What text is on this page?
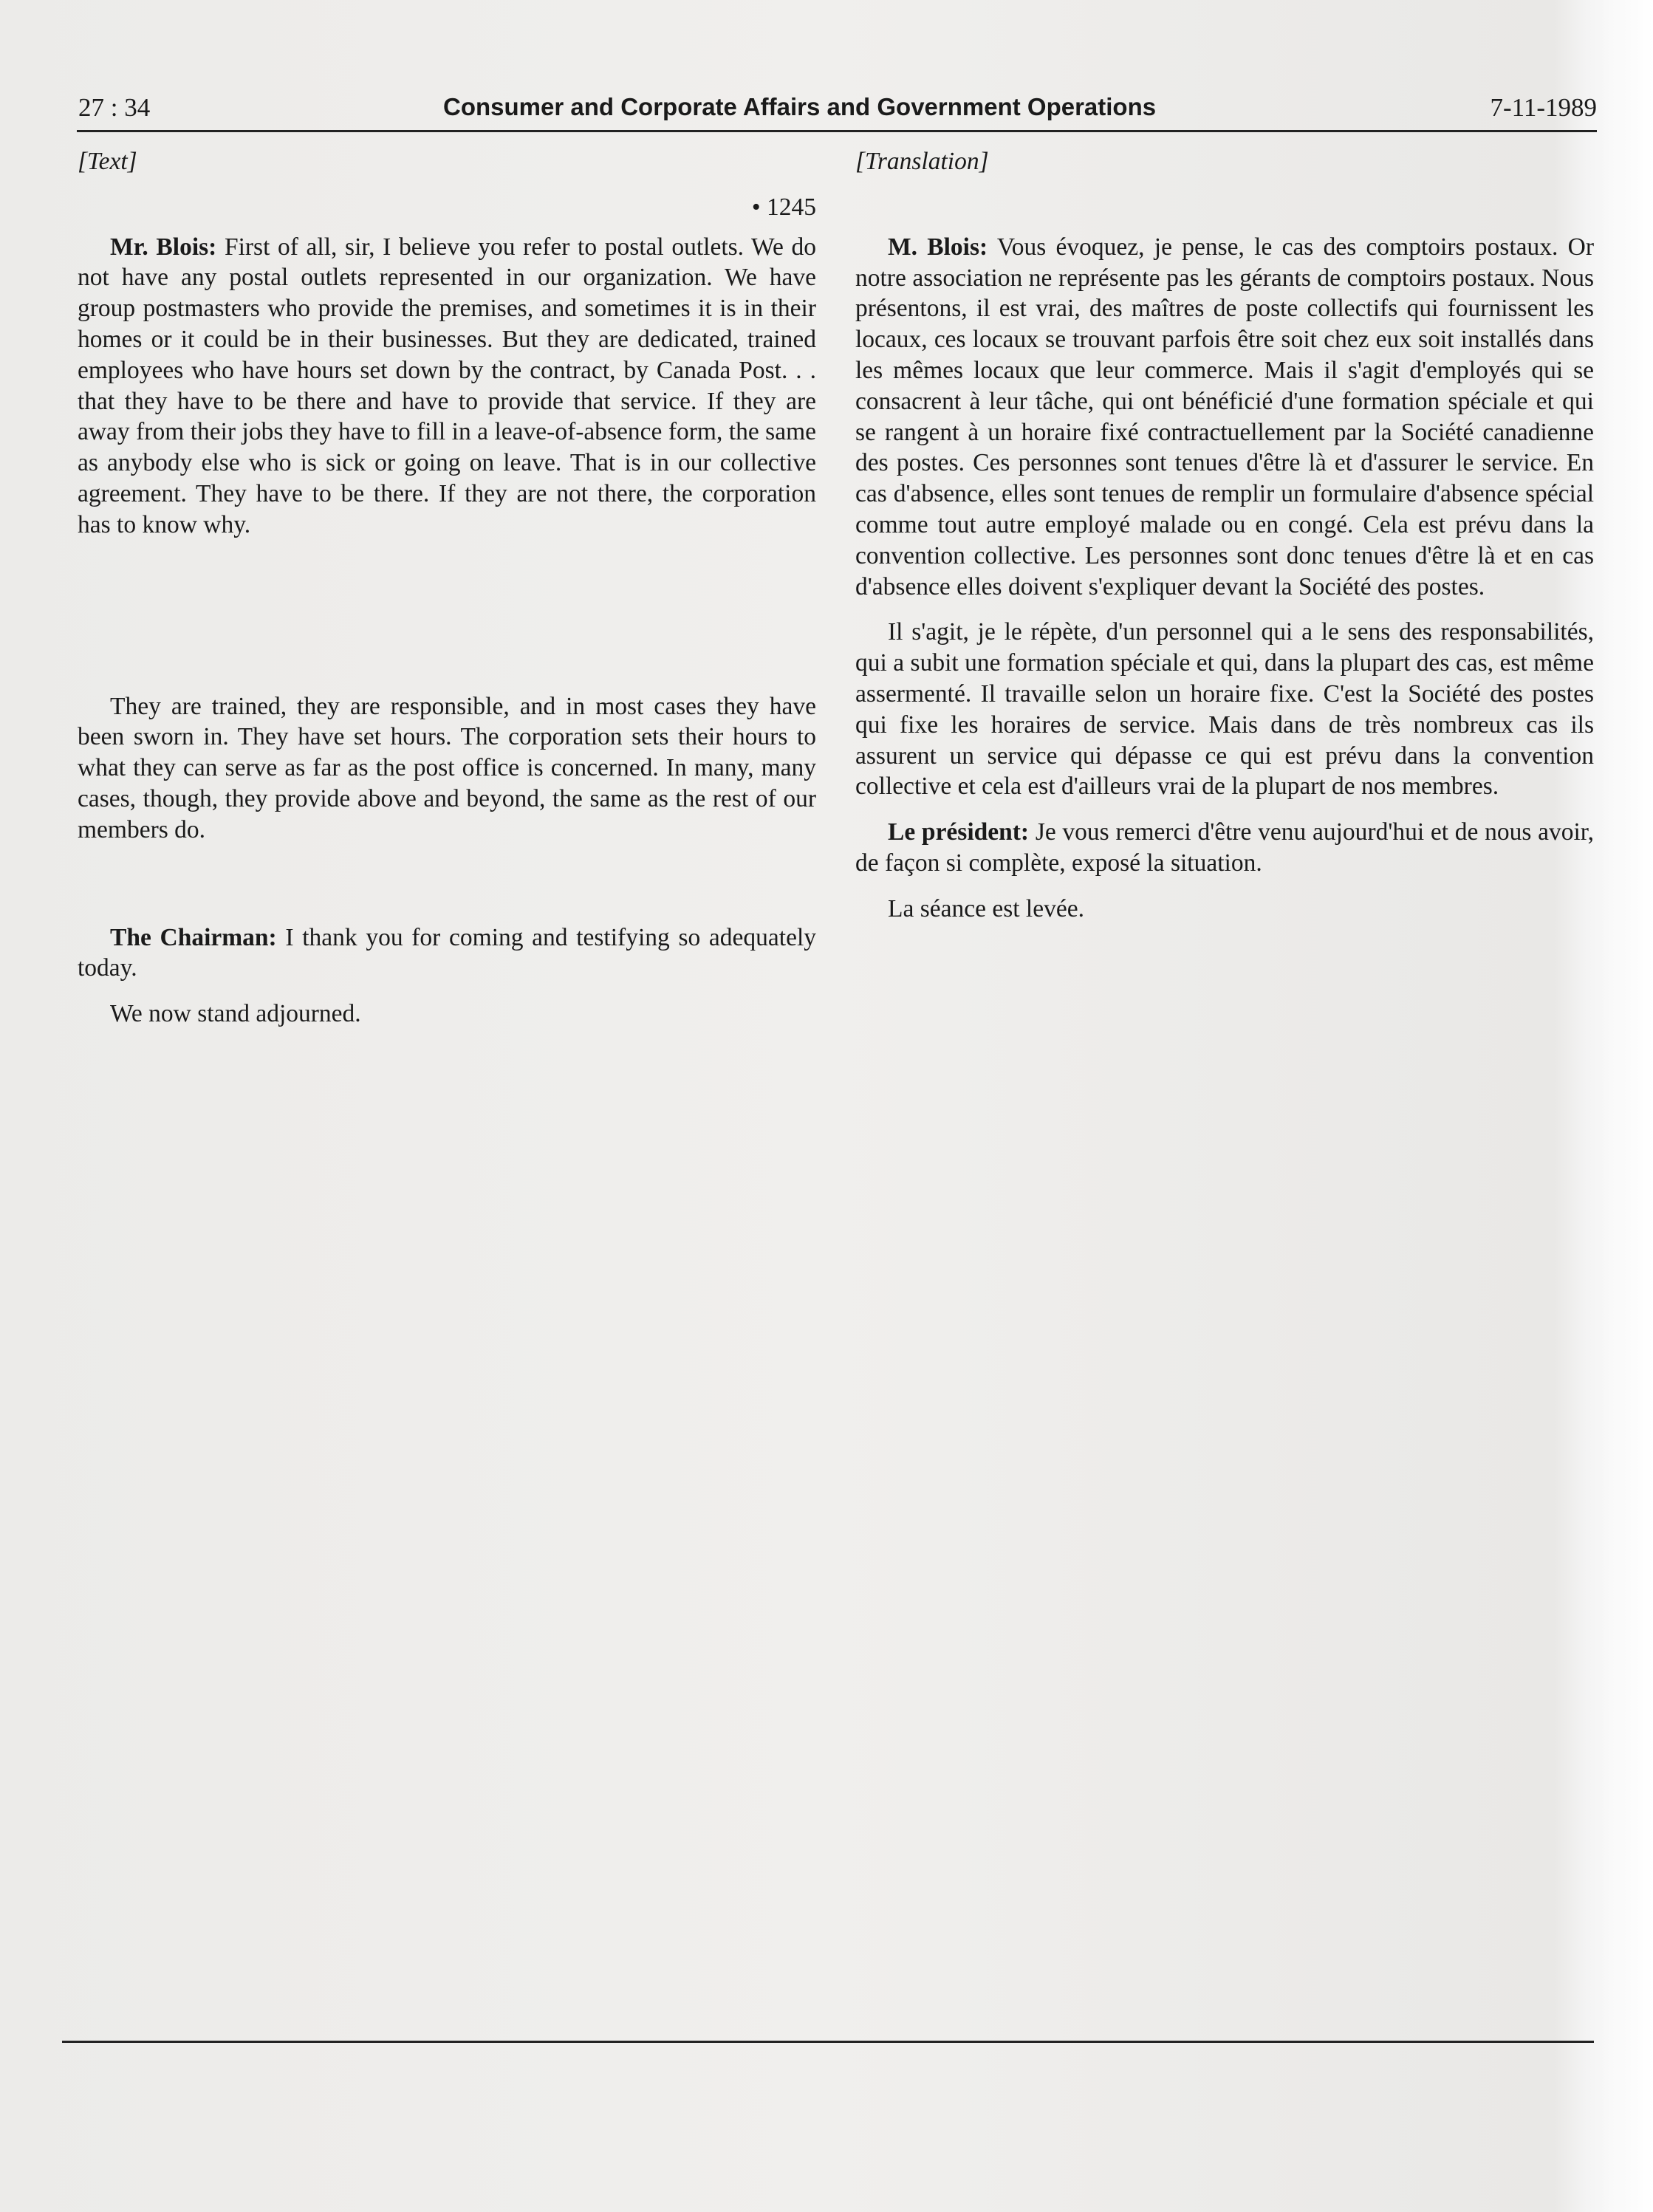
27 : 34	Consumer and Corporate Affairs and Government Operations	7-11-1989

[Text]

• 1245

Mr. Blois: First of all, sir, I believe you refer to postal outlets. We do not have any postal outlets represented in our organization. We have group postmasters who provide the premises, and sometimes it is in their homes or it could be in their businesses. But they are dedicated, trained employees who have hours set down by the contract, by Canada Post. . . that they have to be there and have to provide that service. If they are away from their jobs they have to fill in a leave-of-absence form, the same as anybody else who is sick or going on leave. That is in our collective agreement. They have to be there. If they are not there, the corporation has to know why.

They are trained, they are responsible, and in most cases they have been sworn in. They have set hours. The corporation sets their hours to what they can serve as far as the post office is concerned. In many, many cases, though, they provide above and beyond, the same as the rest of our members do.

The Chairman: I thank you for coming and testifying so adequately today.

We now stand adjourned.

[Translation]

M. Blois: Vous évoquez, je pense, le cas des comptoirs postaux. Or notre association ne représente pas les gérants de comptoirs postaux. Nous présentons, il est vrai, des maîtres de poste collectifs qui fournissent les locaux, ces locaux se trouvant parfois être soit chez eux soit installés dans les mêmes locaux que leur commerce. Mais il s'agit d'employés qui se consacrent à leur tâche, qui ont bénéficié d'une formation spéciale et qui se rangent à un horaire fixé contractuellement par la Société canadienne des postes. Ces personnes sont tenues d'être là et d'assurer le service. En cas d'absence, elles sont tenues de remplir un formulaire d'absence spécial comme tout autre employé malade ou en congé. Cela est prévu dans la convention collective. Les personnes sont donc tenues d'être là et en cas d'absence elles doivent s'expliquer devant la Société des postes.

Il s'agit, je le répète, d'un personnel qui a le sens des responsabilités, qui a subit une formation spéciale et qui, dans la plupart des cas, est même assermenté. Il travaille selon un horaire fixe. C'est la Société des postes qui fixe les horaires de service. Mais dans de très nombreux cas ils assurent un service qui dépasse ce qui est prévu dans la convention collective et cela est d'ailleurs vrai de la plupart de nos membres.

Le président: Je vous remerci d'être venu aujourd'hui et de nous avoir, de façon si complète, exposé la situation.

La séance est levée.
